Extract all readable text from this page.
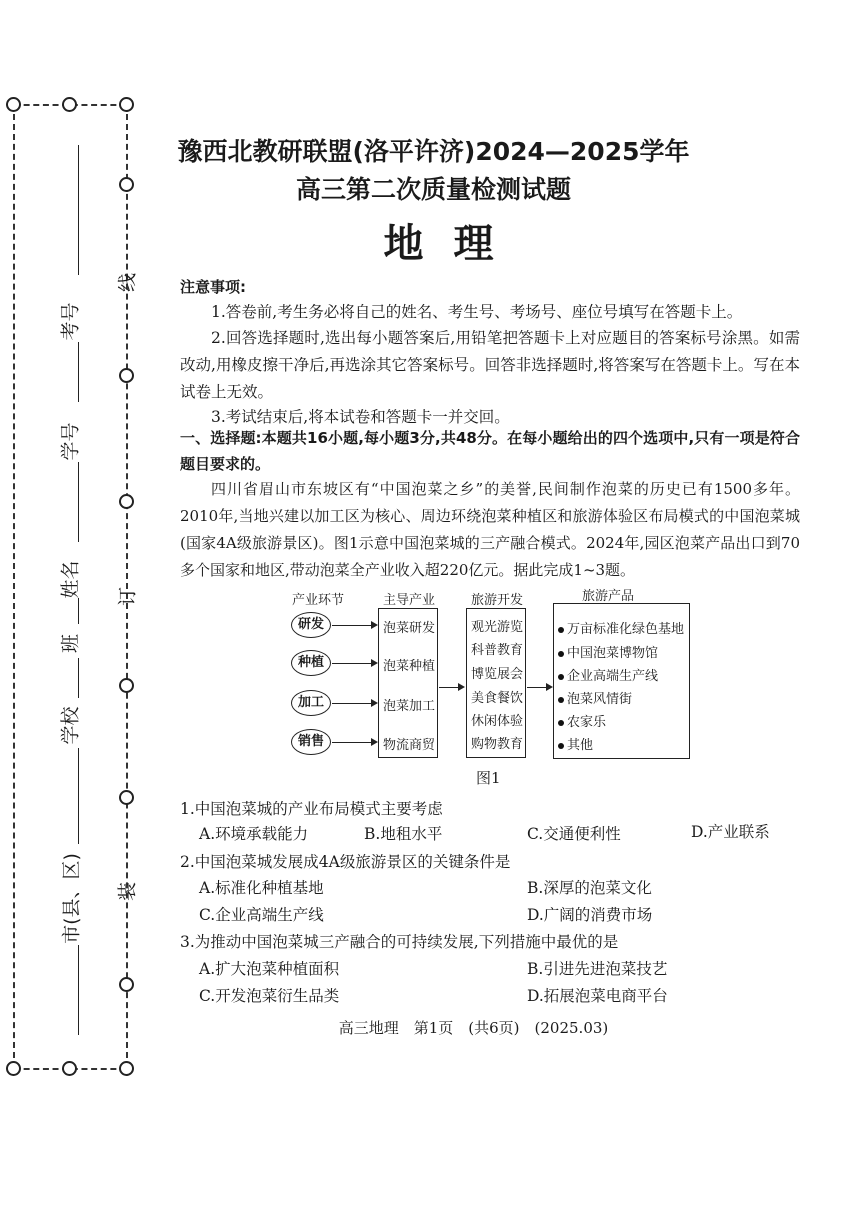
线
订
装
考号
学号
姓名
班
学校
市(县、区)
豫西北教研联盟(洛平许济)2024—2025学年
高三第二次质量检测试题
地理
注意事项:
1.答卷前,考生务必将自己的姓名、考生号、考场号、座位号填写在答题卡上。
2.回答选择题时,选出每小题答案后,用铅笔把答题卡上对应题目的答案标号涂黑。如需改动,用橡皮擦干净后,再选涂其它答案标号。回答非选择题时,将答案写在答题卡上。写在本试卷上无效。
3.考试结束后,将本试卷和答题卡一并交回。
一、选择题:本题共16小题,每小题3分,共48分。在每小题给出的四个选项中,只有一项是符合题目要求的。
四川省眉山市东坡区有“中国泡菜之乡”的美誉,民间制作泡菜的历史已有1500多年。2010年,当地兴建以加工区为核心、周边环绕泡菜种植区和旅游体验区布局模式的中国泡菜城(国家4A级旅游景区)。图1示意中国泡菜城的三产融合模式。2024年,园区泡菜产品出口到70多个国家和地区,带动泡菜全产业收入超220亿元。据此完成1~3题。
产业环节	主导产业	旅游开发	旅游产品
研发
种植
加工
销售
泡菜研发
泡菜种植
泡菜加工
物流商贸
观光游览
科普教育
博览展会
美食餐饮
休闲体验
购物教育
万亩标准化绿色基地
中国泡菜博物馆
企业高端生产线
泡菜风情街
农家乐
其他
图1
1.中国泡菜城的产业布局模式主要考虑
A.环境承载能力	B.地租水平	C.交通便利性	D.产业联系
2.中国泡菜城发展成4A级旅游景区的关键条件是
A.标准化种植基地	B.深厚的泡菜文化
C.企业高端生产线	D.广阔的消费市场
3.为推动中国泡菜城三产融合的可持续发展,下列措施中最优的是
A.扩大泡菜种植面积	B.引进先进泡菜技艺
C.开发泡菜衍生品类	D.拓展泡菜电商平台
高三地理　第1页　(共6页)　(2025.03)
